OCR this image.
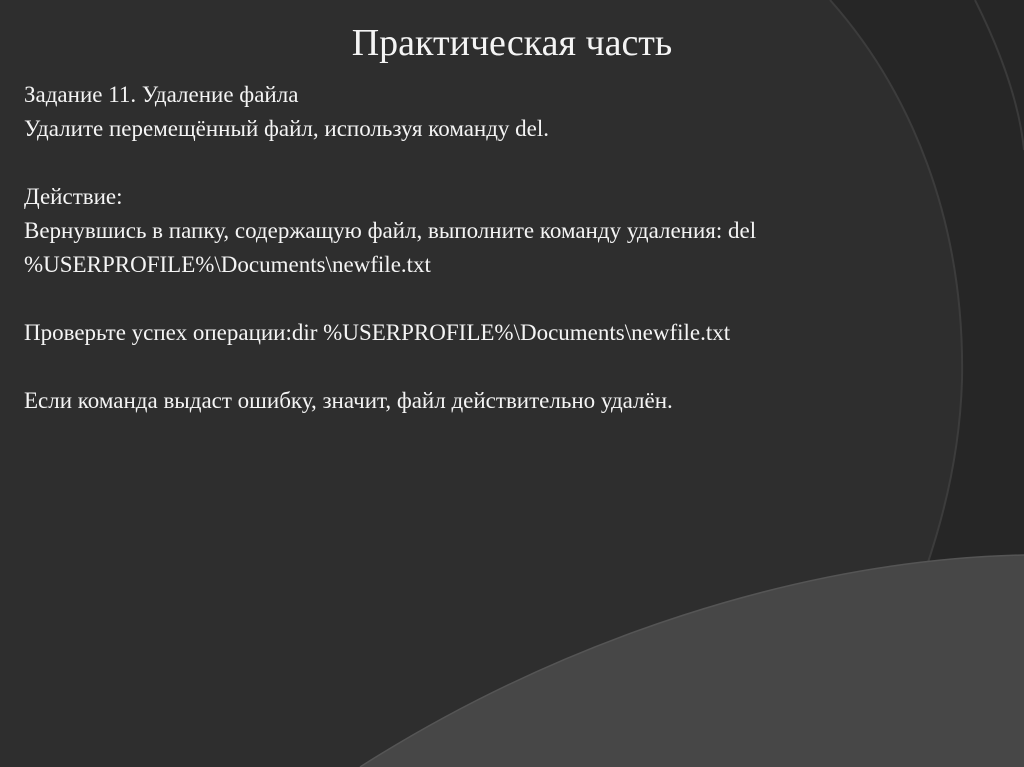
Практическая часть
Задание 11. Удаление файла
Удалите перемещённый файл, используя команду del.
Действие:
Вернувшись в папку, содержащую файл, выполните команду удаления: del
%USERPROFILE%\Documents\newfile.txt
Проверьте успех операции:dir %USERPROFILE%\Documents\newfile.txt
Если команда выдаст ошибку, значит, файл действительно удалён.
